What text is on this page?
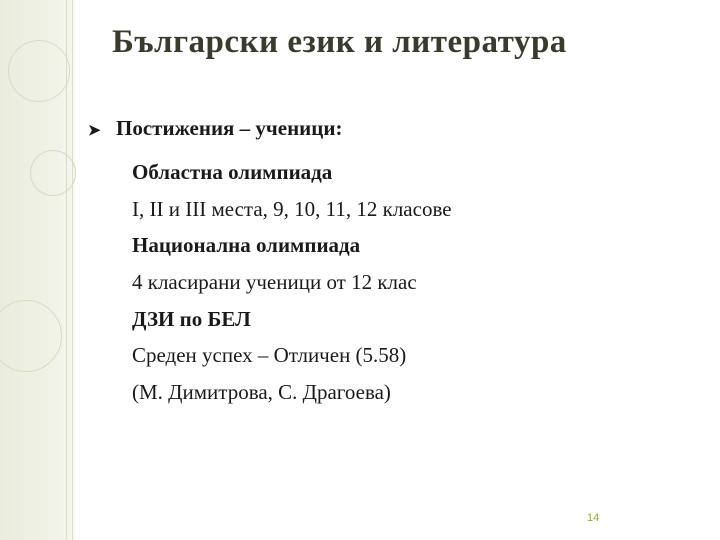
Български език и литература
➤ Постижения – ученици:
Областна олимпиада
I, II и III места, 9, 10, 11, 12 класове
Национална олимпиада
4 класирани ученици от 12 клас
ДЗИ по БЕЛ
Среден успех – Отличен (5.58)
(М. Димитрова, С. Драгоева)
14
